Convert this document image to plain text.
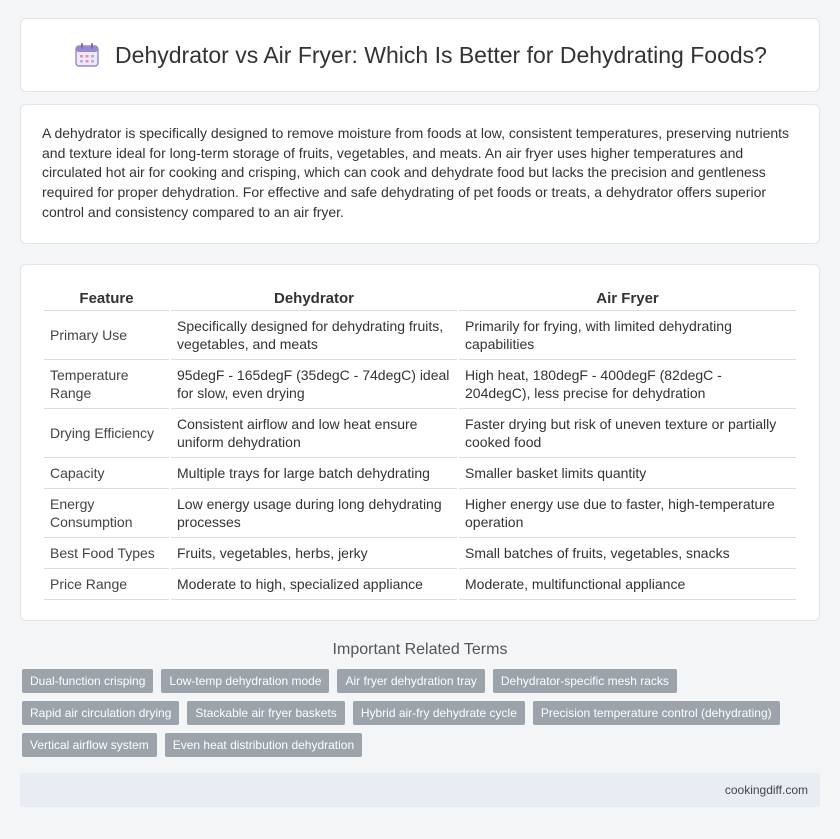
Dehydrator vs Air Fryer: Which Is Better for Dehydrating Foods?
A dehydrator is specifically designed to remove moisture from foods at low, consistent temperatures, preserving nutrients and texture ideal for long-term storage of fruits, vegetables, and meats. An air fryer uses higher temperatures and circulated hot air for cooking and crisping, which can cook and dehydrate food but lacks the precision and gentleness required for proper dehydration. For effective and safe dehydrating of pet foods or treats, a dehydrator offers superior control and consistency compared to an air fryer.
Feature	Dehydrator	Air Fryer
Primary Use	Specifically designed for dehydrating fruits, vegetables, and meats	Primarily for frying, with limited dehydrating capabilities
Temperature Range	95degF - 165degF (35degC - 74degC) ideal for slow, even drying	High heat, 180degF - 400degF (82degC - 204degC), less precise for dehydration
Drying Efficiency	Consistent airflow and low heat ensure uniform dehydration	Faster drying but risk of uneven texture or partially cooked food
Capacity	Multiple trays for large batch dehydrating	Smaller basket limits quantity
Energy Consumption	Low energy usage during long dehydrating processes	Higher energy use due to faster, high-temperature operation
Best Food Types	Fruits, vegetables, herbs, jerky	Small batches of fruits, vegetables, snacks
Price Range	Moderate to high, specialized appliance	Moderate, multifunctional appliance
Important Related Terms
Dual-function crisping	Low-temp dehydration mode	Air fryer dehydration tray	Dehydrator-specific mesh racks
Rapid air circulation drying	Stackable air fryer baskets	Hybrid air-fry dehydrate cycle	Precision temperature control (dehydrating)
Vertical airflow system	Even heat distribution dehydration
cookingdiff.com
